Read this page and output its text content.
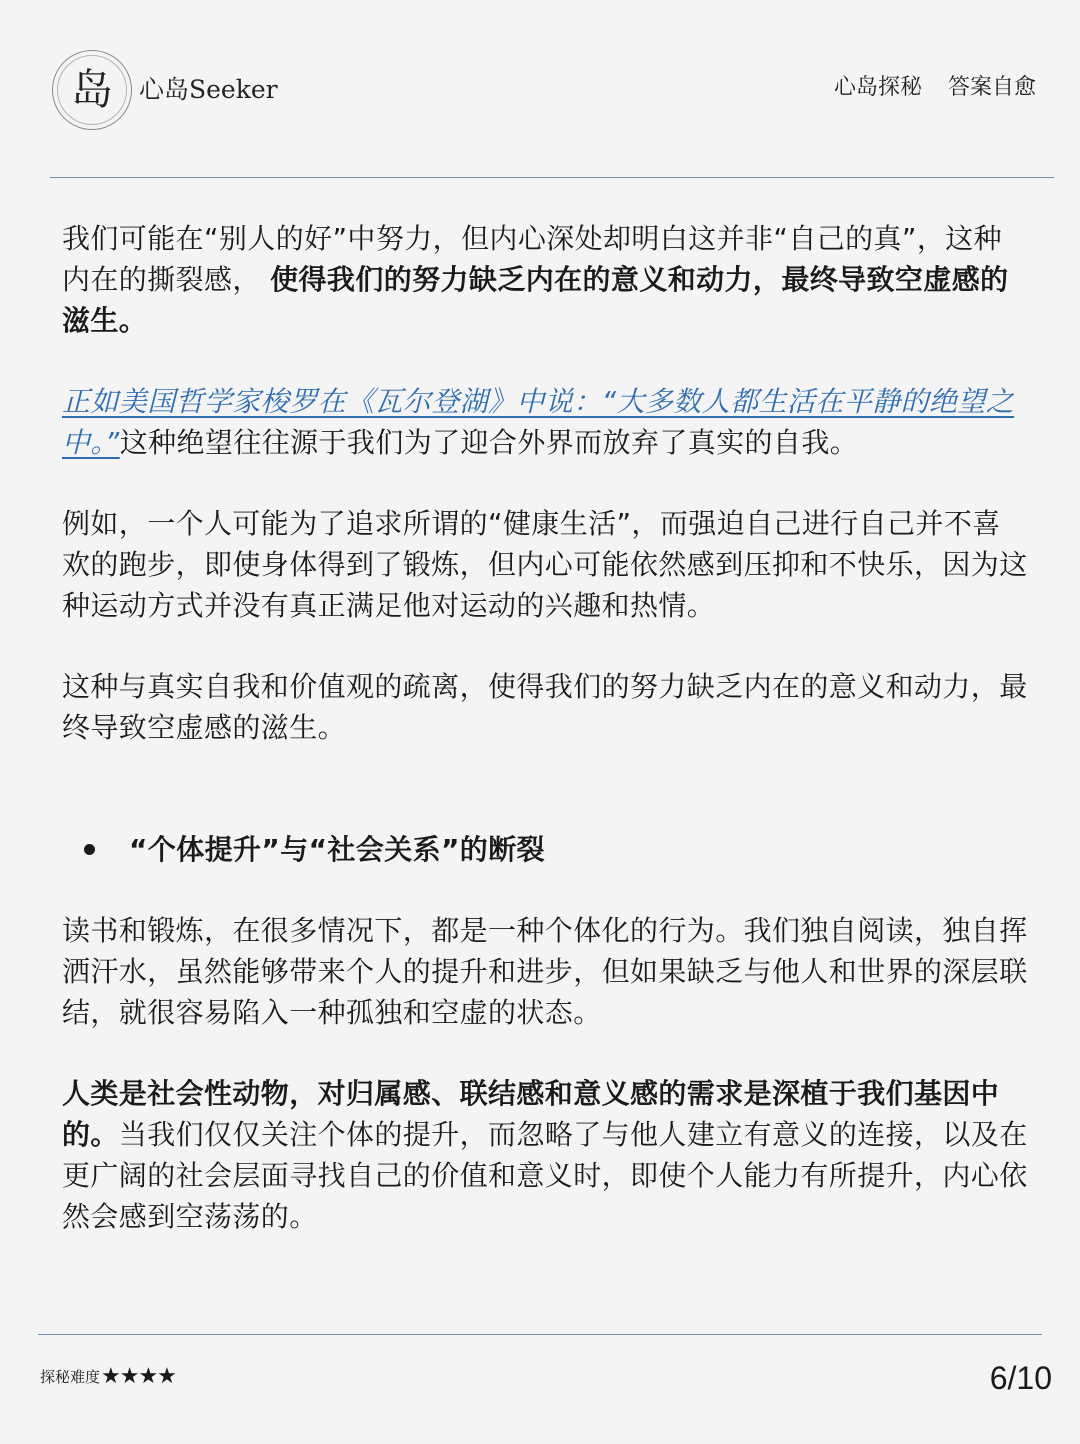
岛	心岛Seeker	心岛探秘 答案自愈

我们可能在“别人的好”中努力，但内心深处却明白这并非“自己的真”，这种内在的撕裂感， 使得我们的努力缺乏内在的意义和动力，最终导致空虚感的滋生。

正如美国哲学家梭罗在《瓦尔登湖》中说：“大多数人都生活在平静的绝望之中。”这种绝望往往源于我们为了迎合外界而放弃了真实的自我。

例如，一个人可能为了追求所谓的“健康生活”，而强迫自己进行自己并不喜欢的跑步，即使身体得到了锻炼，但内心可能依然感到压抑和不快乐，因为这种运动方式并没有真正满足他对运动的兴趣和热情。

这种与真实自我和价值观的疏离，使得我们的努力缺乏内在的意义和动力，最终导致空虚感的滋生。

“个体提升”与“社会关系”的断裂

读书和锻炼，在很多情况下，都是一种个体化的行为。我们独自阅读，独自挥洒汗水，虽然能够带来个人的提升和进步，但如果缺乏与他人和世界的深层联结，就很容易陷入一种孤独和空虚的状态。

人类是社会性动物，对归属感、联结感和意义感的需求是深植于我们基因中的。当我们仅仅关注个体的提升，而忽略了与他人建立有意义的连接，以及在更广阔的社会层面寻找自己的价值和意义时，即使个人能力有所提升，内心依然会感到空荡荡的。

探秘难度 ★★★★	6/10
